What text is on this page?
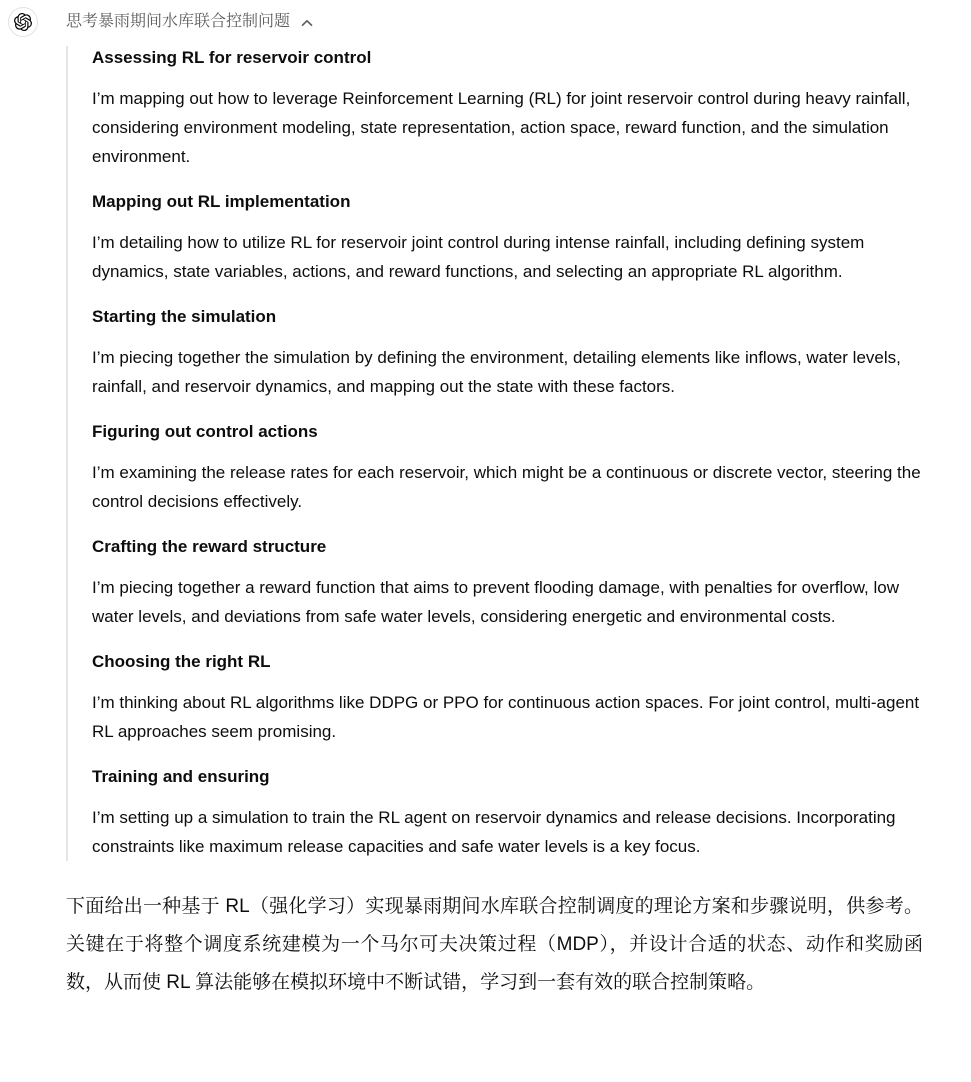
思考暴雨期间水库联合控制问题
Assessing RL for reservoir control

I’m mapping out how to leverage Reinforcement Learning (RL) for joint reservoir control during heavy rainfall, considering environment modeling, state representation, action space, reward function, and the simulation environment.

Mapping out RL implementation

I’m detailing how to utilize RL for reservoir joint control during intense rainfall, including defining system dynamics, state variables, actions, and reward functions, and selecting an appropriate RL algorithm.

Starting the simulation

I’m piecing together the simulation by defining the environment, detailing elements like inflows, water levels, rainfall, and reservoir dynamics, and mapping out the state with these factors.

Figuring out control actions

I’m examining the release rates for each reservoir, which might be a continuous or discrete vector, steering the control decisions effectively.

Crafting the reward structure

I’m piecing together a reward function that aims to prevent flooding damage, with penalties for overflow, low water levels, and deviations from safe water levels, considering energetic and environmental costs.

Choosing the right RL

I’m thinking about RL algorithms like DDPG or PPO for continuous action spaces. For joint control, multi-agent RL approaches seem promising.

Training and ensuring

I’m setting up a simulation to train the RL agent on reservoir dynamics and release decisions. Incorporating constraints like maximum release capacities and safe water levels is a key focus.

下面给出一种基于 RL（强化学习）实现暴雨期间水库联合控制调度的理论方案和步骤说明，供参考。关键在于将整个调度系统建模为一个马尔可夫决策过程（MDP），并设计合适的状态、动作和奖励函数，从而使 RL 算法能够在模拟环境中不断试错，学习到一套有效的联合控制策略。
